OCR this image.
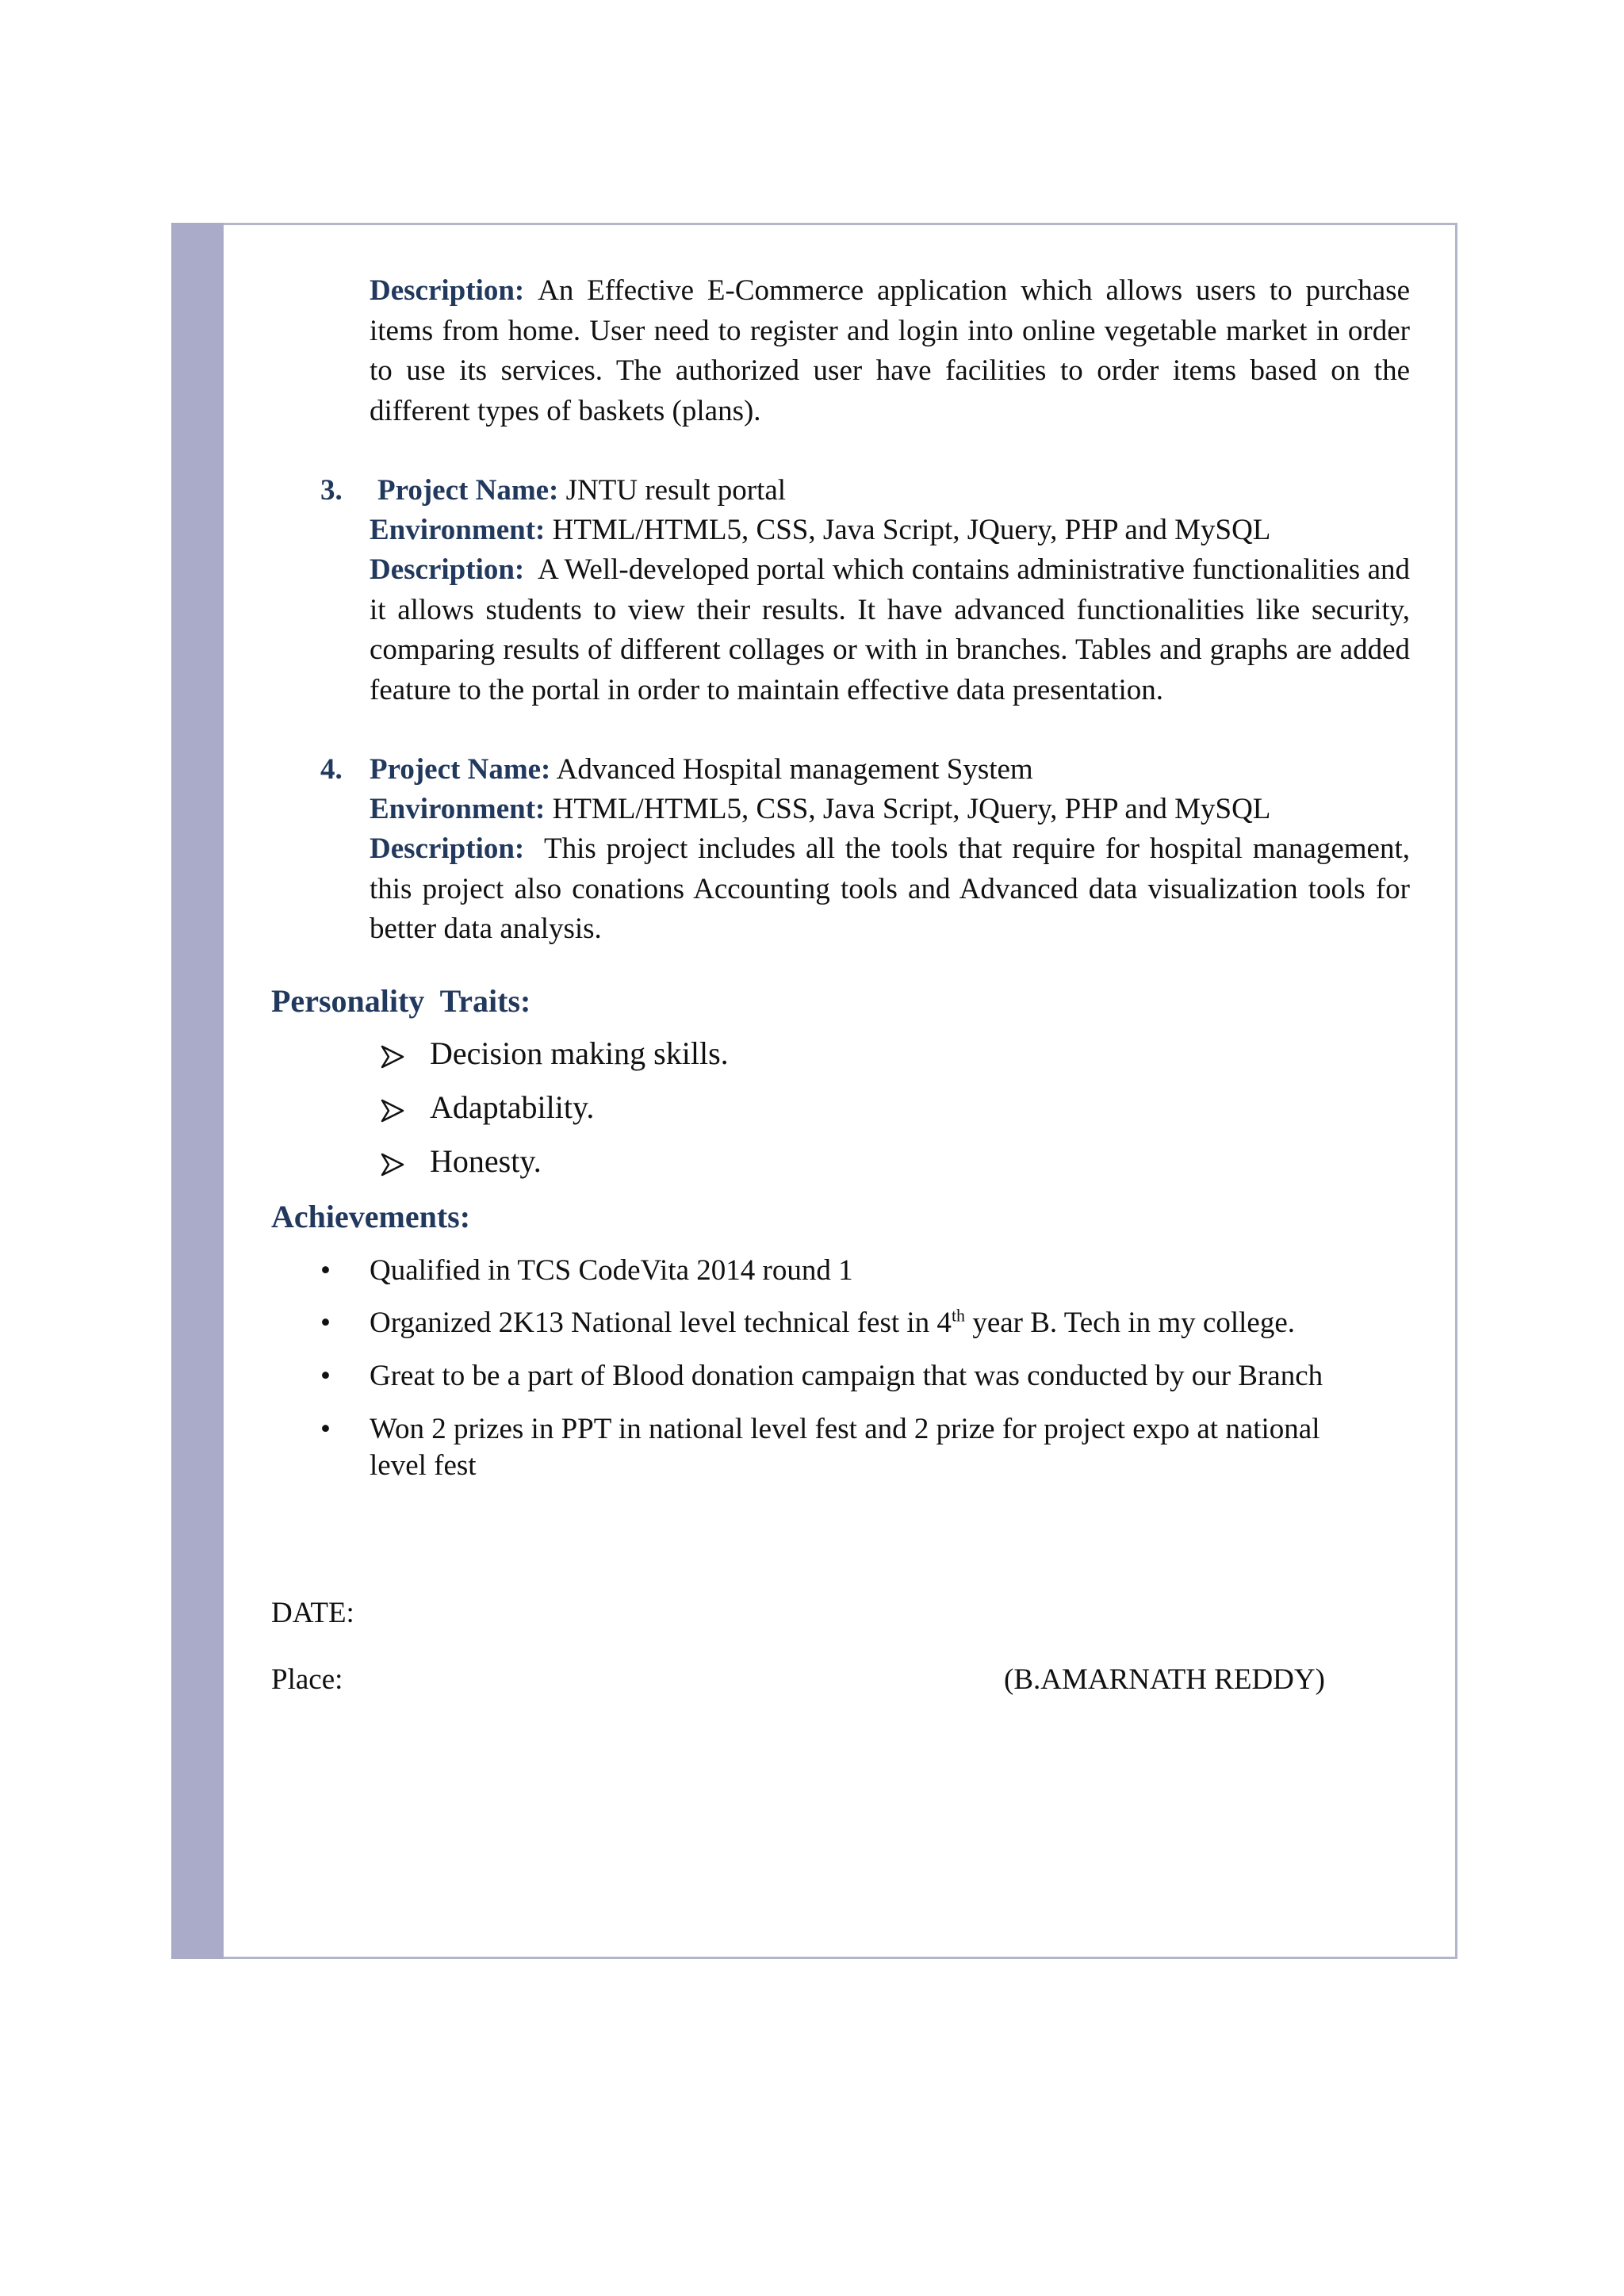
Description: An Effective E-Commerce application which allows users to purchase items from home. User need to register and login into online vegetable market in order to use its services. The authorized user have facilities to order items based on the different types of baskets (plans).

3. Project Name: JNTU result portal
Environment: HTML/HTML5, CSS, Java Script, JQuery, PHP and MySQL

Description: A Well-developed portal which contains administrative functionalities and it allows students to view their results. It have advanced functionalities like security, comparing results of different collages or with in branches. Tables and graphs are added feature to the portal in order to maintain effective data presentation.

4. Project Name: Advanced Hospital management System
Environment: HTML/HTML5, CSS, Java Script, JQuery, PHP and MySQL

Description: This project includes all the tools that require for hospital management, this project also conations Accounting tools and Advanced data visualization tools for better data analysis.

Personality  Traits:
Decision making skills.
Adaptability.
Honesty.
Achievements:
• Qualified in TCS CodeVita 2014 round 1
• Organized 2K13 National level technical fest in 4th year B. Tech in my college.
• Great to be a part of Blood donation campaign that was conducted by our Branch
• Won 2 prizes in PPT in national level fest and 2 prize for project expo at national level fest
DATE:
Place:	(B.AMARNATH REDDY)
